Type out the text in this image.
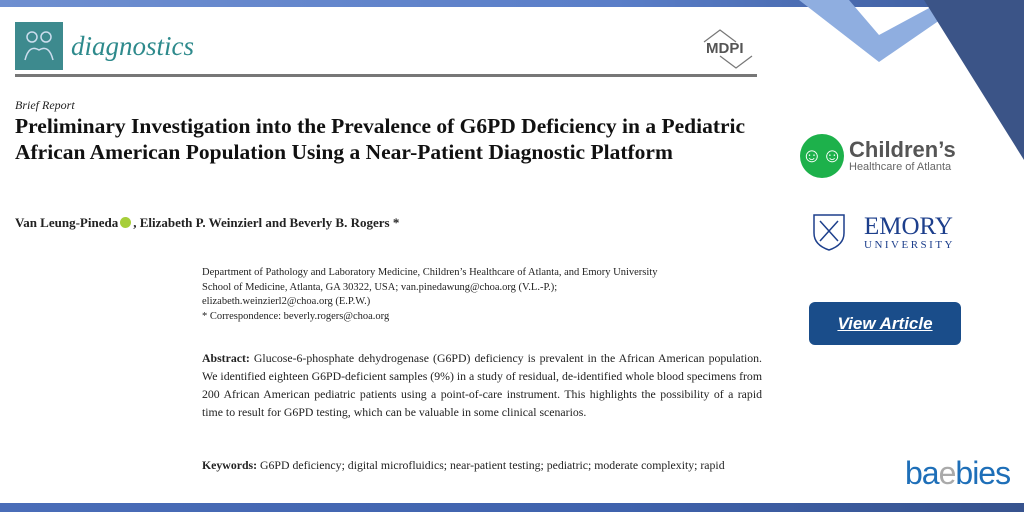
diagnostics	MDPI
Brief Report
Preliminary Investigation into the Prevalence of G6PD Deficiency in a Pediatric African American Population Using a Near-Patient Diagnostic Platform
Van Leung-Pineda , Elizabeth P. Weinzierl and Beverly B. Rogers *
Department of Pathology and Laboratory Medicine, Children’s Healthcare of Atlanta, and Emory University
School of Medicine, Atlanta, GA 30322, USA; van.pinedawung@choa.org (V.L.-P.);
elizabeth.weinzierl2@choa.org (E.P.W.)
* Correspondence: beverly.rogers@choa.org
Abstract: Glucose-6-phosphate dehydrogenase (G6PD) deficiency is prevalent in the African American population. We identified eighteen G6PD-deficient samples (9%) in a study of residual, de-identified whole blood specimens from 200 African American pediatric patients using a point-of-care instrument. This highlights the possibility of a rapid time to result for G6PD testing, which can be valuable in some clinical scenarios.
Keywords: G6PD deficiency; digital microfluidics; near-patient testing; pediatric; moderate complexity; rapid
☺☺ Children’s
Healthcare of Atlanta
EMORY
UNIVERSITY
View Article
baebies
